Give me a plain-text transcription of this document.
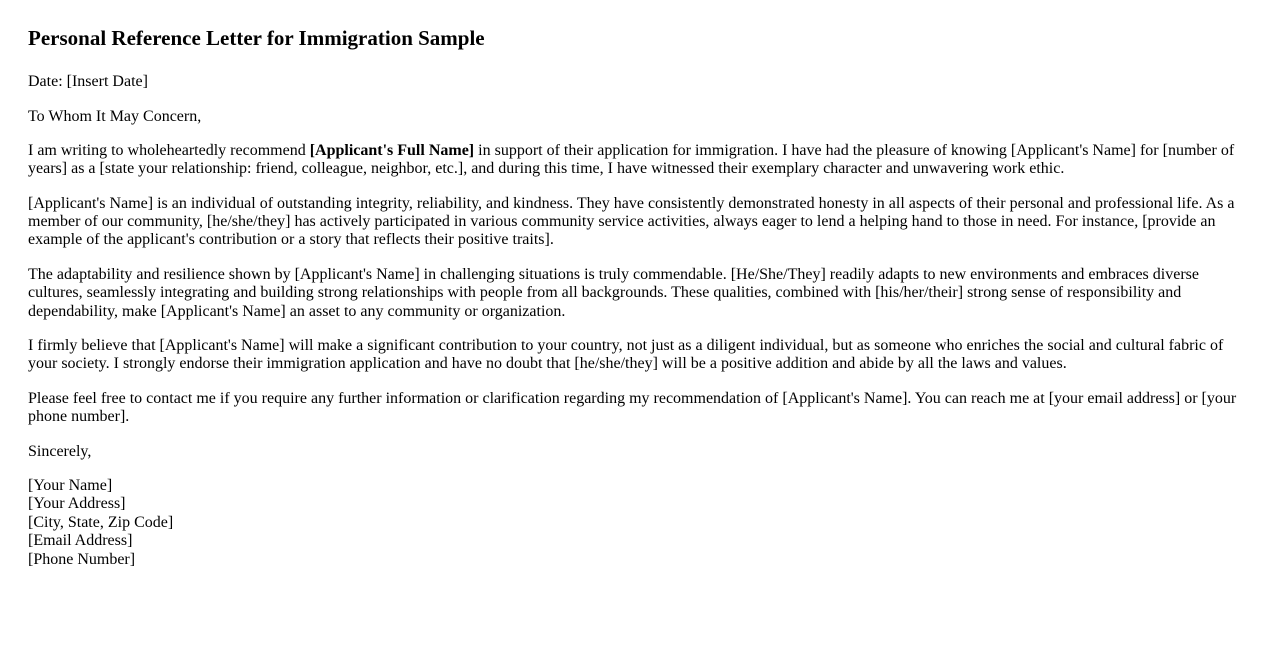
Personal Reference Letter for Immigration Sample

Date: [Insert Date]

To Whom It May Concern,

I am writing to wholeheartedly recommend [Applicant's Full Name] in support of their application for immigration. I have had the pleasure of knowing [Applicant's Name] for [number of years] as a [state your relationship: friend, colleague, neighbor, etc.], and during this time, I have witnessed their exemplary character and unwavering work ethic.

[Applicant's Name] is an individual of outstanding integrity, reliability, and kindness. They have consistently demonstrated honesty in all aspects of their personal and professional life. As a member of our community, [he/she/they] has actively participated in various community service activities, always eager to lend a helping hand to those in need. For instance, [provide an example of the applicant's contribution or a story that reflects their positive traits].

The adaptability and resilience shown by [Applicant's Name] in challenging situations is truly commendable. [He/She/They] readily adapts to new environments and embraces diverse cultures, seamlessly integrating and building strong relationships with people from all backgrounds. These qualities, combined with [his/her/their] strong sense of responsibility and dependability, make [Applicant's Name] an asset to any community or organization.

I firmly believe that [Applicant's Name] will make a significant contribution to your country, not just as a diligent individual, but as someone who enriches the social and cultural fabric of your society. I strongly endorse their immigration application and have no doubt that [he/she/they] will be a positive addition and abide by all the laws and values.

Please feel free to contact me if you require any further information or clarification regarding my recommendation of [Applicant's Name]. You can reach me at [your email address] or [your phone number].

Sincerely,

[Your Name]
[Your Address]
[City, State, Zip Code]
[Email Address]
[Phone Number]
